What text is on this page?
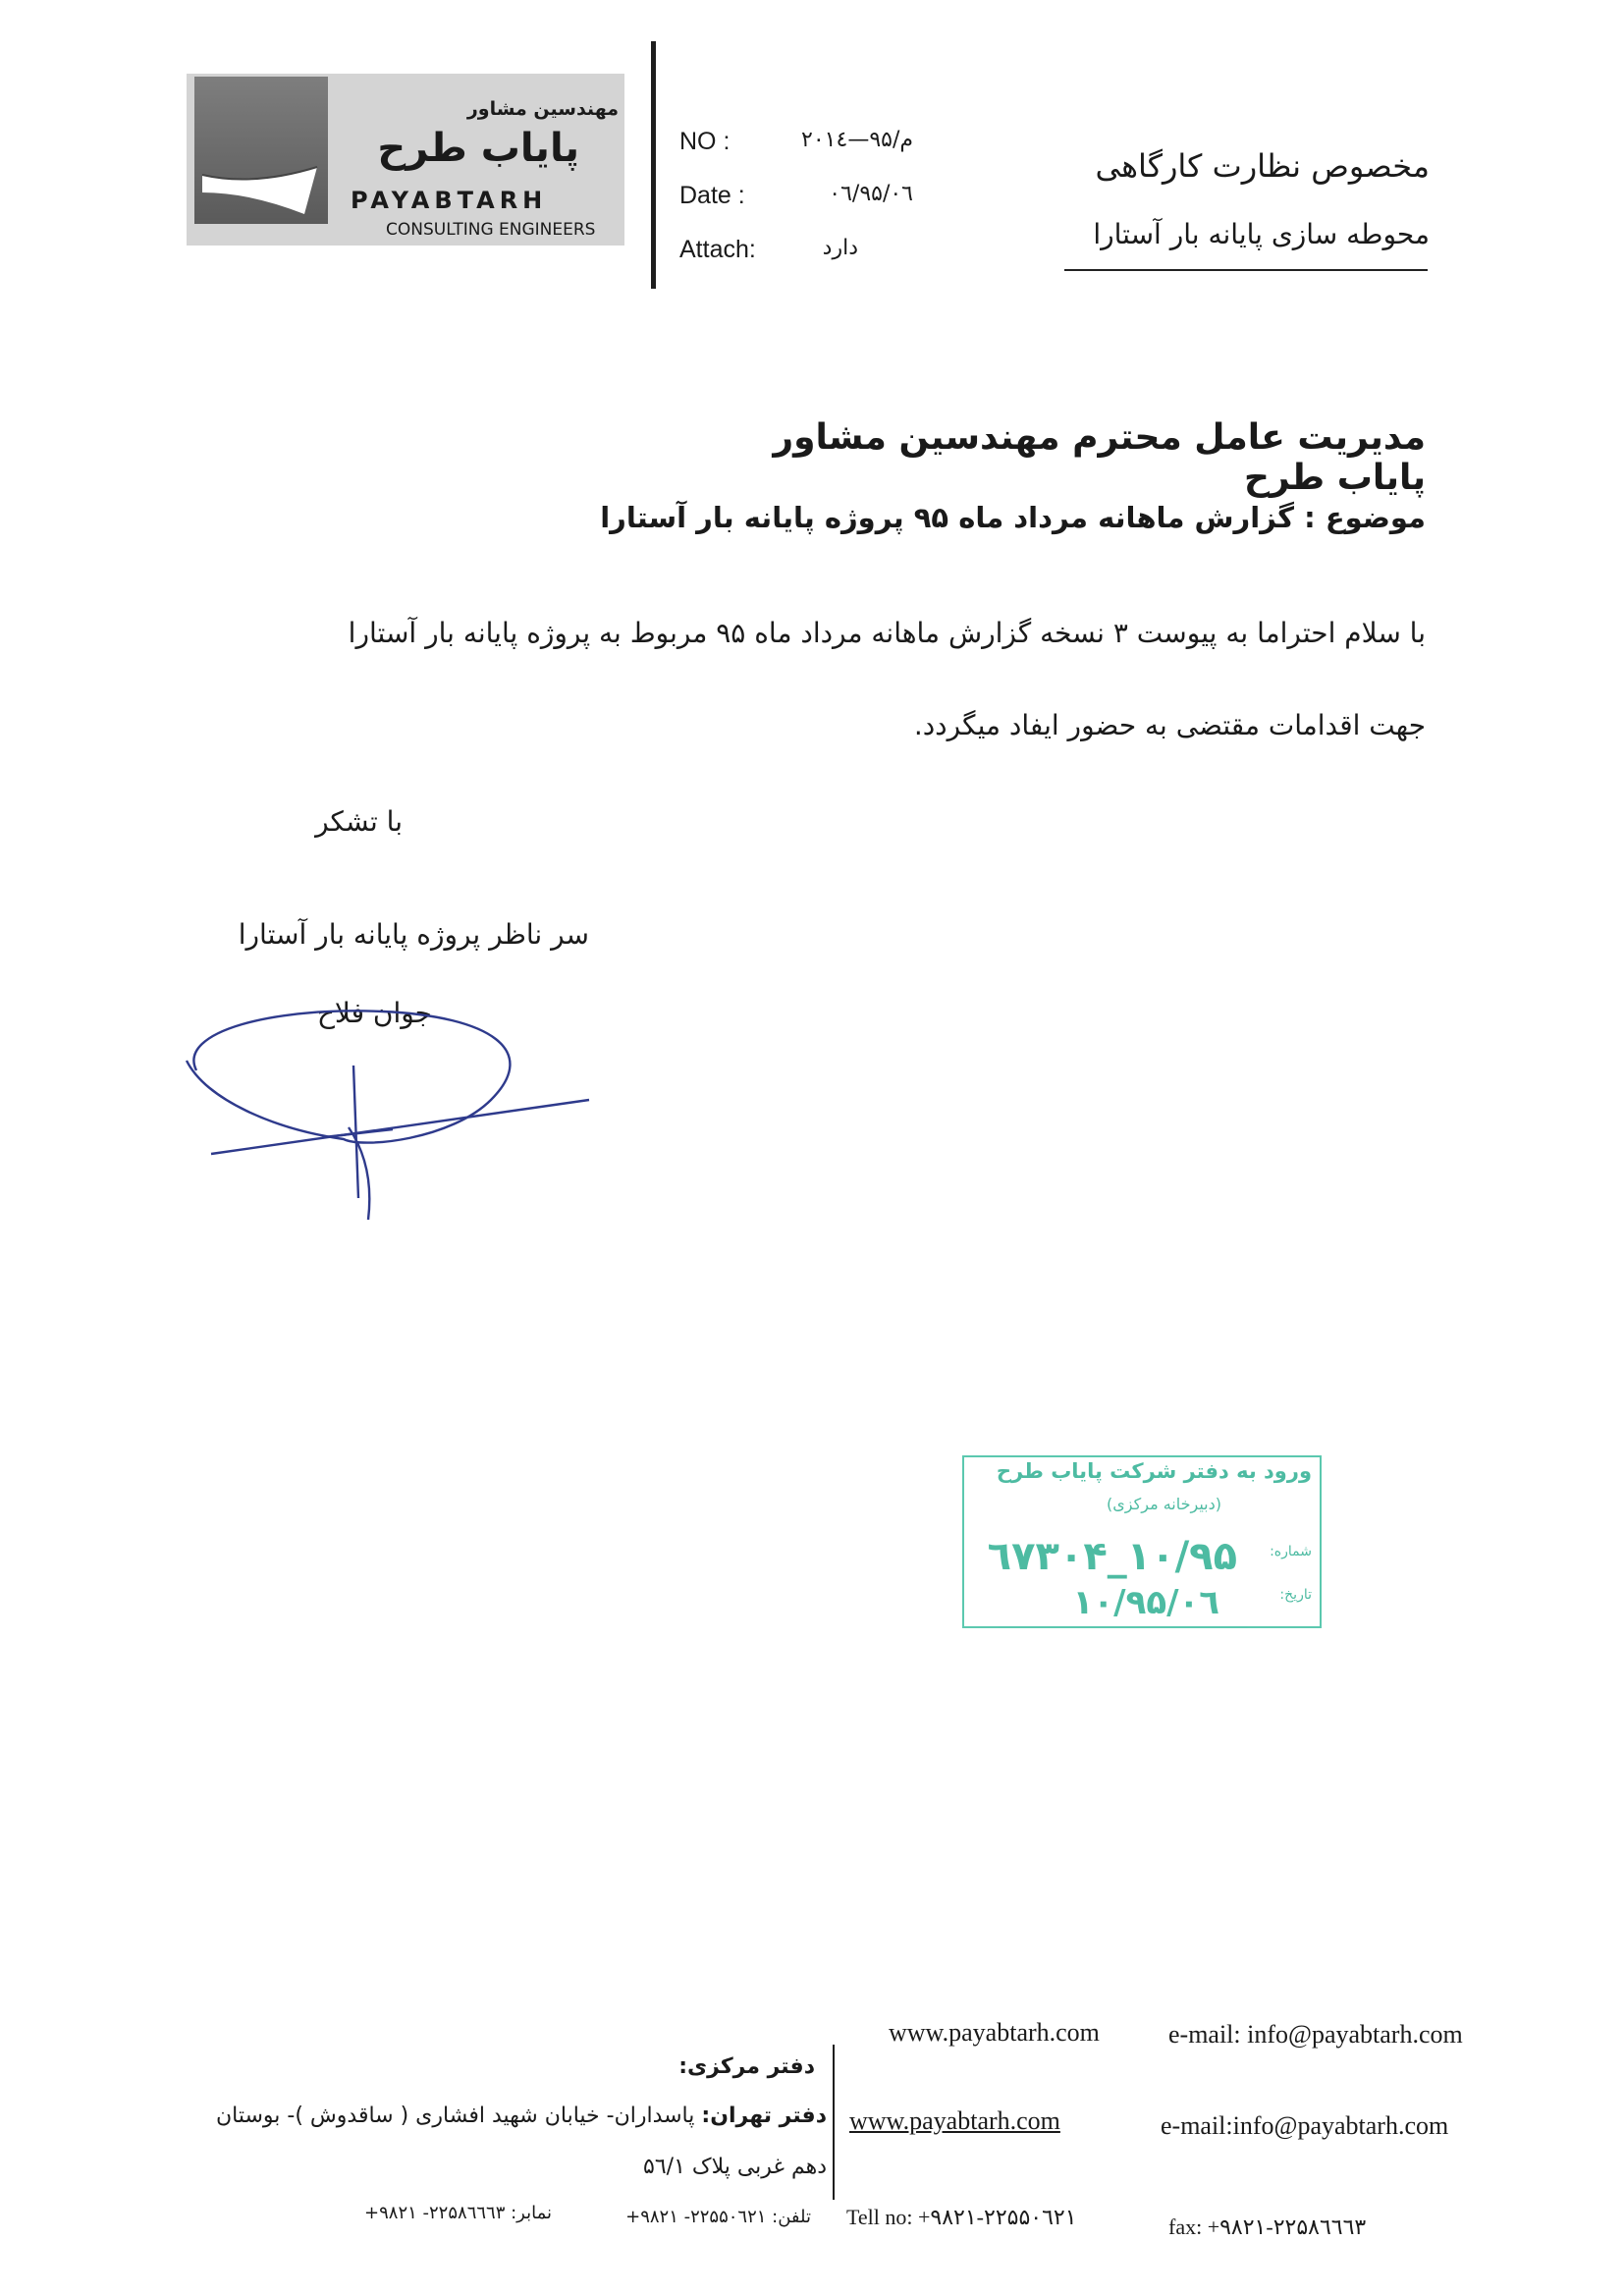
مهندسین مشاور
پایاب طرح
PAYABTARH
CONSULTING ENGINEERS
NO :	م/۹۵—۲۰۱٤
Date :	۹۵/۰٦/۰٦
Attach:	دارد
مخصوص نظارت کارگاهی
محوطه سازی پایانه بار آستارا
مدیریت عامل محترم مهندسین مشاور پایاب طرح
موضوع : گزارش ماهانه مرداد ماه ۹۵ پروژه پایانه بار آستارا
با سلام احتراما به پیوست ۳ نسخه گزارش ماهانه مرداد ماه ۹۵ مربوط به پروژه پایانه بار آستارا
جهت اقدامات مقتضی به حضور ایفاد میگردد.
با تشکر
سر ناظر پروژه پایانه بار آستارا
جوان فلاح
ورود به دفتر شرکت پایاب طرح
(دبیرخانه مرکزی)
شماره:
۱۰/۹۵_٦۷۳۰۴
تاریخ:
۹۵/۰٦/۱۰
www.payabtarh.com	e-mail: info@payabtarh.com
دفتر مرکزی:
دفتر تهران: پاسداران- خیابان شهید افشاری ( ساقدوش )- بوستان
دهم غربی پلاک ۵٦/۱
www.payabtarh.com	e-mail:info@payabtarh.com
تلفن: ۲۲۵۵۰٦۲۱- ۹۸۲۱+
نمابر: ۲۲۵۸٦٦٦۳- ۹۸۲۱+	Tell no: +۹۸۲۱-۲۲۵۵۰٦۲۱	fax: +۹۸۲۱-۲۲۵۸٦٦٦۳
